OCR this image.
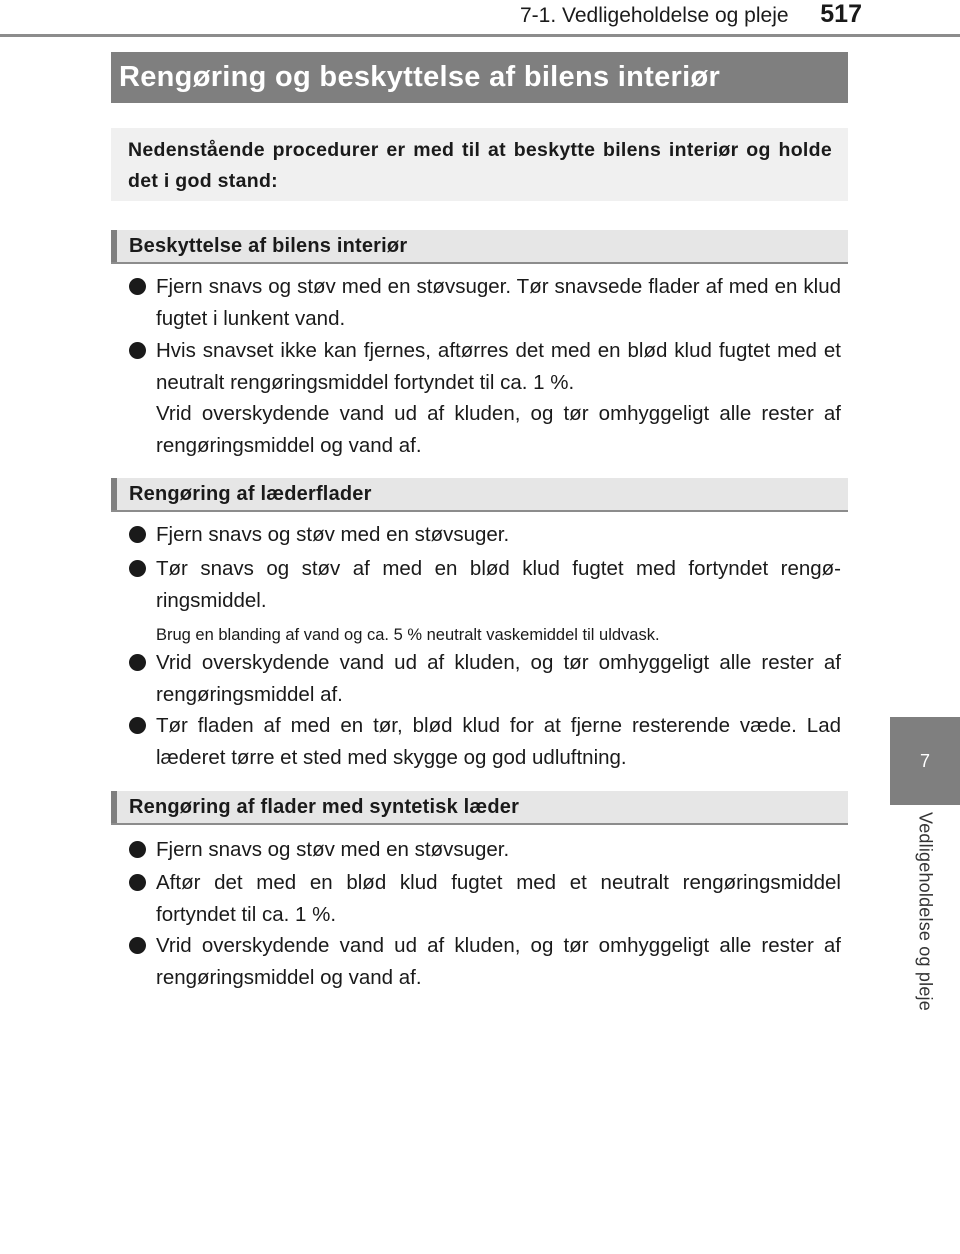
7-1. Vedligeholdelse og pleje 517
7
Vedligeholdelse og pleje
Rengøring og beskyttelse af bilens interiør
Nedenstående procedurer er med til at beskytte bilens interiør og holde det i god stand:
Beskyttelse af bilens interiør
Fjern snavs og støv med en støvsuger. Tør snavsede flader af med en klud fugtet i lunkent vand.
Hvis snavset ikke kan fjernes, aftørres det med en blød klud fugtet med et neutralt rengøringsmiddel fortyndet til ca. 1 %.
Vrid overskydende vand ud af kluden, og tør omhyggeligt alle rester af rengøringsmiddel og vand af.
Rengøring af læderflader
Fjern snavs og støv med en støvsuger.
Tør snavs og støv af med en blød klud fugtet med fortyndet rengø-ringsmiddel.
Brug en blanding af vand og ca. 5 % neutralt vaskemiddel til uldvask.
Vrid overskydende vand ud af kluden, og tør omhyggeligt alle rester af rengøringsmiddel af.
Tør fladen af med en tør, blød klud for at fjerne resterende væde. Lad læderet tørre et sted med skygge og god udluftning.
Rengøring af flader med syntetisk læder
Fjern snavs og støv med en støvsuger.
Aftør det med en blød klud fugtet med et neutralt rengøringsmiddel fortyndet til ca. 1 %.
Vrid overskydende vand ud af kluden, og tør omhyggeligt alle rester af rengøringsmiddel og vand af.
